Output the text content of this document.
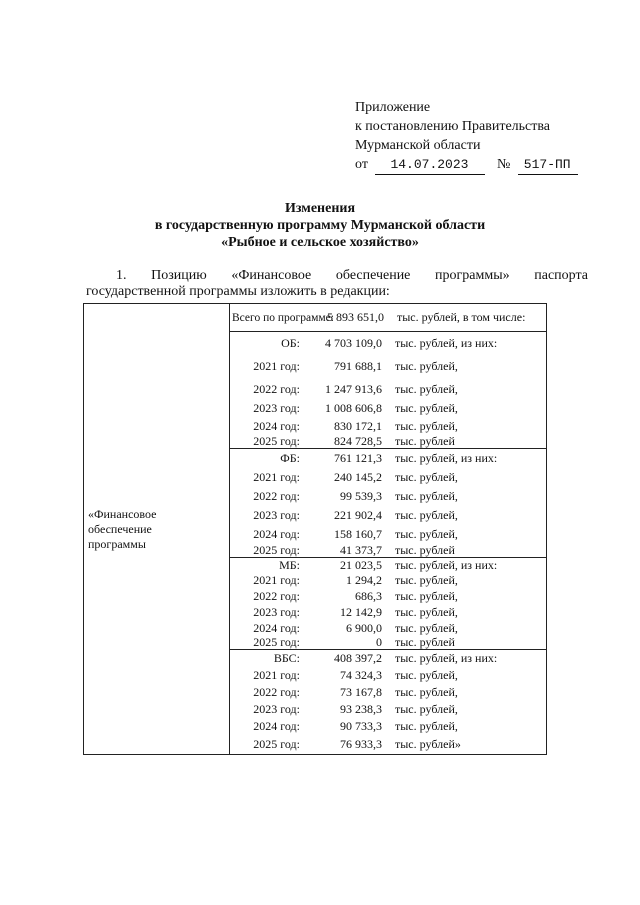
Приложение
к постановлению Правительства
Мурманской области
от 14.07.2023 № 517-ПП
Изменения
в государственную программу Мурманской области
«Рыбное и сельское хозяйство»
1. Позицию «Финансовое обеспечение программы» паспорта
государственной программы изложить в редакции:
«Финансовое
обеспечение
программы

Всего по программе:
5 893 651,0	тыс. рублей, в том числе:

ОБ:	4 703 109,0	тыс. рублей, из них:
2021 год:	791 688,1	тыс. рублей,
2022 год:	1 247 913,6	тыс. рублей,
2023 год:	1 008 606,8	тыс. рублей,
2024 год:	830 172,1	тыс. рублей,
2025 год:	824 728,5	тыс. рублей

ФБ:	761 121,3	тыс. рублей, из них:
2021 год:	240 145,2	тыс. рублей,
2022 год:	99 539,3	тыс. рублей,
2023 год:	221 902,4	тыс. рублей,
2024 год:	158 160,7	тыс. рублей,
2025 год:	41 373,7	тыс. рублей

МБ:	21 023,5	тыс. рублей, из них:
2021 год:	1 294,2	тыс. рублей,
2022 год:	686,3	тыс. рублей,
2023 год:	12 142,9	тыс. рублей,
2024 год:	6 900,0	тыс. рублей,
2025 год:	0	тыс. рублей

ВБС:	408 397,2	тыс. рублей, из них:
2021 год:	74 324,3	тыс. рублей,
2022 год:	73 167,8	тыс. рублей,
2023 год:	93 238,3	тыс. рублей,
2024 год:	90 733,3	тыс. рублей,
2025 год:	76 933,3	тыс. рублей»
